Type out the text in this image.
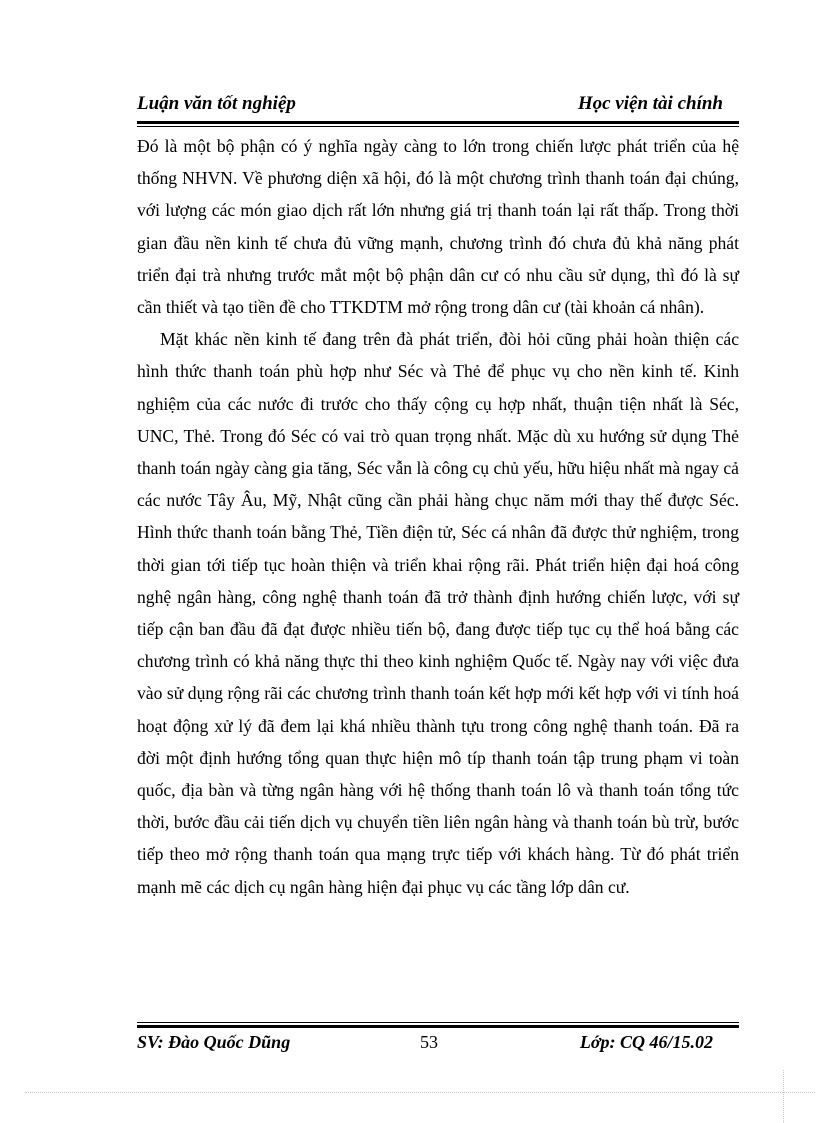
Luận văn tốt nghiệp	Học viện tài chính

Đó là một bộ phận có ý nghĩa ngày càng to lớn trong chiến lược phát triển của hệ thống NHVN. Về phương diện xã hội, đó là một chương trình thanh toán đại chúng, với lượng các món giao dịch rất lớn nhưng giá trị thanh toán lại rất thấp. Trong thời gian đầu nền kinh tế chưa đủ vững mạnh, chương trình đó chưa đủ khả năng phát triển đại trà nhưng trước mắt một bộ phận dân cư có nhu cầu sử dụng, thì đó là sự cần thiết và tạo tiền đề cho TTKDTM mở rộng trong dân cư (tài khoản cá nhân).

Mặt khác nền kinh tế đang trên đà phát triển, đòi hỏi cũng phải hoàn thiện các hình thức thanh toán phù hợp như Séc và Thẻ để phục vụ cho nền kinh tế. Kinh nghiệm của các nước đi trước cho thấy cộng cụ hợp nhất, thuận tiện nhất là Séc, UNC, Thẻ. Trong đó Séc có vai trò quan trọng nhất. Mặc dù xu hướng sử dụng Thẻ thanh toán ngày càng gia tăng, Séc vẫn là công cụ chủ yếu, hữu hiệu nhất mà ngay cả các nước Tây Âu, Mỹ, Nhật cũng cần phải hàng chục năm mới thay thế được Séc. Hình thức thanh toán bằng Thẻ, Tiền điện tử, Séc cá nhân đã được thử nghiệm, trong thời gian tới tiếp tục hoàn thiện và triển khai rộng rãi. Phát triển hiện đại hoá công nghệ ngân hàng, công nghệ thanh toán đã trở thành định hướng chiến lược, với sự tiếp cận ban đầu đã đạt được nhiều tiến bộ, đang được tiếp tục cụ thể hoá bằng các chương trình có khả năng thực thi theo kinh nghiệm Quốc tế. Ngày nay với việc đưa vào sử dụng rộng rãi các chương trình thanh toán kết hợp mới kết hợp với vi tính hoá hoạt động xử lý đã đem lại khá nhiều thành tựu trong công nghệ thanh toán. Đã ra đời một định hướng tổng quan thực hiện mô típ thanh toán tập trung phạm vi toàn quốc, địa bàn và từng ngân hàng với hệ thống thanh toán lô và thanh toán tổng tức thời, bước đầu cải tiến dịch vụ chuyển tiền liên ngân hàng và thanh toán bù trừ, bước tiếp theo mở rộng thanh toán qua mạng trực tiếp với khách hàng. Từ đó phát triển mạnh mẽ các dịch cụ ngân hàng hiện đại phục vụ các tầng lớp dân cư.

SV: Đào Quốc Dũng	53	Lớp: CQ 46/15.02
